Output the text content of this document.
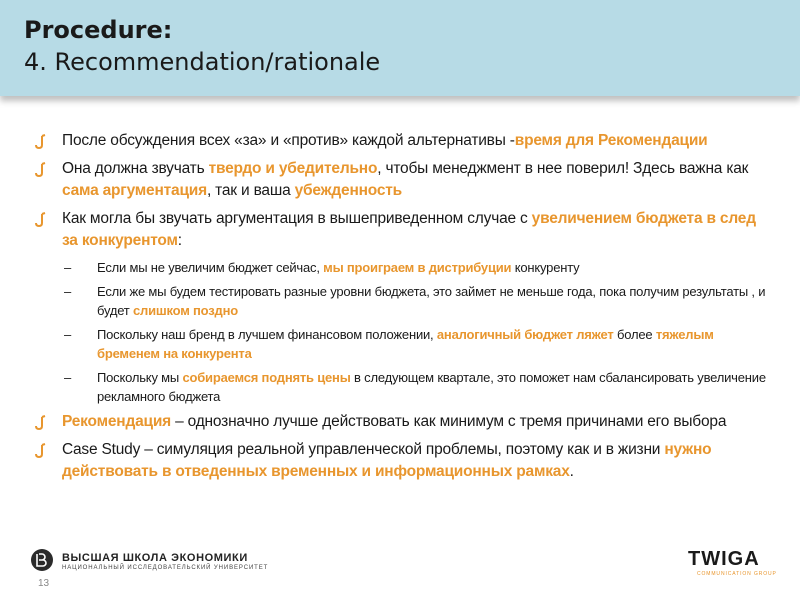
Procedure:
4. Recommendation/rationale
После обсуждения всех «за» и «против» каждой альтернативы -время для Рекомендации
Она должна звучать твердо и убедительно, чтобы менеджмент в нее поверил! Здесь важна как сама аргументация, так и ваша убежденность
Как могла бы звучать аргументация в вышеприведенном случае с увеличением бюджета в след за конкурентом:
– Если мы не увеличим бюджет сейчас, мы проиграем в дистрибуции конкуренту
– Если же мы будем тестировать разные уровни бюджета, это займет не меньше года, пока получим результаты , и будет слишком поздно
– Поскольку наш бренд в лучшем финансовом положении, аналогичный бюджет ляжет более тяжелым бременем на конкурента
– Поскольку мы собираемся поднять цены в следующем квартале, это поможет нам сбалансировать увеличение рекламного бюджета
Рекомендация – однозначно лучше действовать как минимум с тремя причинами его выбора
Case Study – симуляция реальной управленческой проблемы, поэтому как и в жизни нужно действовать в отведенных временных и информационных рамках.
ВЫСШАЯ ШКОЛА ЭКОНОМИКИ
НАЦИОНАЛЬНЫЙ ИССЛЕДОВАТЕЛЬСКИЙ УНИВЕРСИТЕТ
13
TWIGA
COMMUNICATION GROUP
